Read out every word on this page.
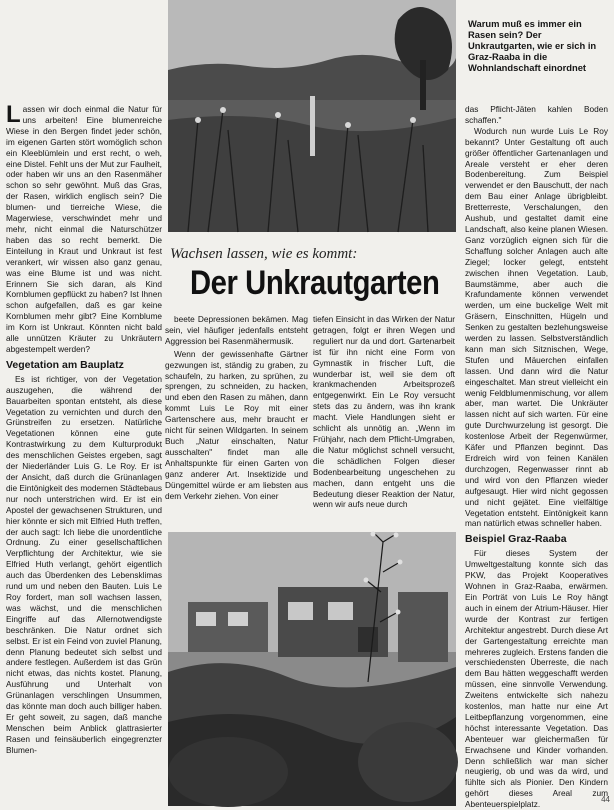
Warum muß es immer ein Rasen sein? Der Unkrautgarten, wie er sich in Graz-Raaba in die Wohnlandschaft einordnet
Wachsen lassen, wie es kommt:
Der Unkrautgarten

L assen wir doch einmal die Natur für uns arbeiten! Eine blumenreiche Wiese in den Bergen findet jeder schön, im eigenen Garten stört womöglich schon ein Kleeblümlein und erst recht, o weh, eine Distel. Fehlt uns der Mut zur Faulheit, oder haben wir uns an den Rasenmäher schon so sehr gewöhnt. Muß das Gras, der Rasen, wirklich englisch sein? Die blumen- und tierreiche Wiese, die Magerwiese, verschwindet mehr und mehr, nicht einmal die Naturschützer haben das so recht bemerkt. Die Einteilung in Kraut und Unkraut ist fest verankert, wir wissen also ganz genau, was eine Blume ist und was nicht. Erinnern Sie sich daran, als Kind Kornblumen gepflückt zu haben? Ist Ihnen schon aufgefallen, daß es gar keine Kornblumen mehr gibt? Eine Kornblume im Korn ist Unkraut. Könnten nicht bald alle unnützen Kräuter zu Unkräutern abgestempelt werden?

Vegetation am Bauplatz

Es ist richtiger, von der Vegetation auszugehen, die während der Bauarbeiten spontan entsteht, als diese Vegetation zu vernichten und durch den Grünstreifen zu ersetzen. Natürliche Vegetationen können eine gute Kontrastwirkung zu dem Kulturprodukt des menschlichen Geistes ergeben, sagt der Niederländer Luis G. Le Roy. Er ist der Ansicht, daß durch die Grünanlagen die Eintönigkeit des modernen Städtebaus nur noch unterstrichen wird. Er ist ein Apostel der gewachsenen Strukturen, und hier könnte er sich mit Elfried Huth treffen, der auch sagt: Ich liebe die unordentliche Ordnung. Zu einer gesellschaftlichen Verpflichtung der Architektur, wie sie Elfried Huth verlangt, gehört eigentlich auch das Überdenken des Lebensklimas rund um und neben den Bauten. Luis Le Roy fordert, man soll wachsen lassen, was wächst, und die menschlichen Eingriffe auf das Allernotwendigste beschränken. Die Natur ordnet sich selbst. Er ist ein Feind von zuviel Planung, denn Planung bedeutet sich selbst und andere festlegen. Außerdem ist das Grün nicht etwas, das nichts kostet. Planung, Ausführung und Unterhalt von Grünanlagen verschlingen Unsummen, das könnte man doch auch billiger haben. Er geht soweit, zu sagen, daß manche Menschen beim Anblick glattrasierter Rasen und feinsäuberlich eingegrenzter Blumen-

beete Depressionen bekämen. Mag sein, viel häufiger jedenfalls entsteht Aggression bei Rasenmähermusik.

Wenn der gewissenhafte Gärtner gezwungen ist, ständig zu graben, zu schaufeln, zu harken, zu sprühen, zu sprengen, zu schneiden, zu hacken, und eben den Rasen zu mähen, dann kommt Luis Le Roy mit einer Gartenschere aus, mehr braucht er nicht für seinen Wildgarten. In seinem Buch „Natur einschalten, Natur ausschalten" findet man alle Anhaltspunkte für einen Garten von ganz anderer Art. Insektizide und Düngemittel würde er am liebsten aus dem Verkehr ziehen. Von einer

tiefen Einsicht in das Wirken der Natur getragen, folgt er ihren Wegen und reguliert nur da und dort. Gartenarbeit ist für ihn nicht eine Form von Gymnastik in frischer Luft, die wunderbar ist, weil sie dem oft krankmachenden Arbeitsprozeß entgegenwirkt. Ein Le Roy versucht stets das zu ändern, was ihn krank macht. Viele Handlungen sieht er schlicht als unnötig an. „Wenn im Frühjahr, nach dem Pflicht-Umgraben, die Natur möglichst schnell versucht, die schädlichen Folgen dieser Bodenbearbeitung ungeschehen zu machen, dann entgeht uns die Bedeutung dieser Reaktion der Natur, wenn wir aufs neue durch

das Pflicht-Jäten kahlen Boden schaffen."

Wodurch nun wurde Luis Le Roy bekannt? Unter Gestaltung oft auch größer öffentlicher Gartenanlagen und Areale versteht er eher deren Bodenbereitung. Zum Beispiel verwendet er den Bauschutt, der nach dem Bau einer Anlage übrigbleibt. Bretterreste, Verschalungen, den Aushub, und gestaltet damit eine Landschaft, also keine planen Wiesen. Ganz vorzüglich eignen sich für die Schaffung solcher Anlagen auch alte Ziegel; locker gelegt, entsteht zwischen ihnen Vegetation. Laub, Baumstämme, aber auch die Krafundamente können verwendet werden, um eine buckelige Welt mit Gräsern, Einschnitten, Hügeln und Senken zu gestalten bezlehungsweise werden zu lassen. Selbstverständlich kann man sich Sitznischen, Wege, Stufen und Mäuerchen einfallen lassen. Und dann wird die Natur eingeschaltet. Man streut vielleicht ein wenig Feldblumenmischung, vor allem aber, man wartet. Die Unkräuter lassen nicht auf sich warten. Für eine gute Durchwurzelung ist gesorgt. Die kostenlose Arbeit der Regenwürmer, Käfer und Pflanzen beginnt. Das Erdreich wird von feinen Kanälen durchzogen, Regenwasser rinnt ab und wird von den Pflanzen wieder aufgesaugt. Hier wird nicht gegossen und nicht gejätet. Eine vielfältige Vegetation entsteht. Eintönigkeit kann man natürlich etwas schneller haben.

Beispiel Graz-Raaba

Für dieses System der Umweltgestaltung konnte sich das PKW, das Projekt Kooperatives Wohnen in Graz-Raaba, erwärmen. Ein Porträt von Luis Le Roy hängt auch in einem der Atrium-Häuser. Hier wurde der Kontrast zur fertigen Architektur angestrebt. Durch diese Art der Gartengestaltung erreichte man mehreres zugleich. Erstens fanden die verschiedensten Überreste, die nach dem Bau hätten weggeschafft werden müssen, eine sinnvolle Verwendung. Zweitens entwickelte sich nahezu kostenlos, man hatte nur eine Art Leitbepflanzung vorgenommen, eine höchst interessante Vegetation. Das Abenteuer war gleichermaßen für Erwachsene und Kinder vorhanden. Denn schließlich war man sicher neugierig, ob und was da wird, und fühlte sich als Pionier. Den Kindern gehört dieses Areal zum Abenteuerspielplatz.	44
